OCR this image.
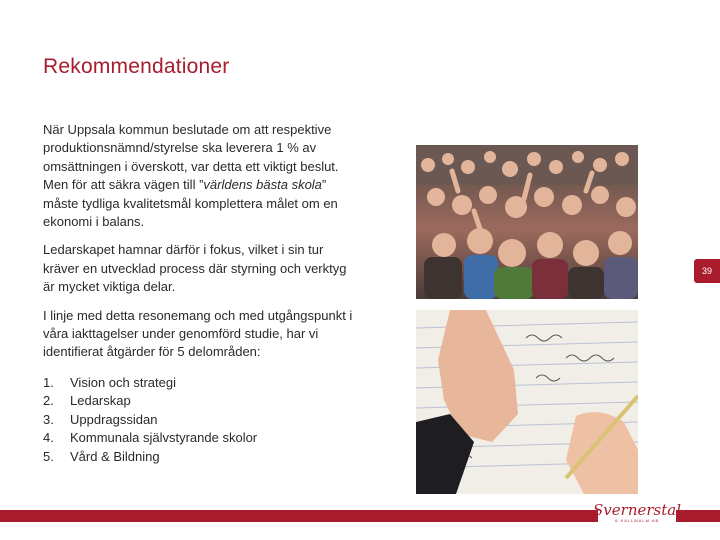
Rekommendationer

När Uppsala kommun beslutade om att respektive produktionsnämnd/styrelse ska leverera 1 % av omsättningen i överskott, var detta ett viktigt beslut. Men för att säkra vägen till ”världens bästa skola” måste tydliga kvalitetsmål komplettera målet om en ekonomi i balans.

Ledarskapet hamnar därför i fokus, vilket i sin tur kräver en utvecklad process där styrning och verktyg är mycket viktiga delar.

I linje med detta resonemang och med utgångspunkt i våra iakttagelser under genomförd studie, har vi identifierat åtgärder för 5 delområden:

1.	Vision och strategi
2.	Ledarskap
3.	Uppdragssidan
4.	Kommunala självstyrande skolor
5.	Vård & Bildning
39
Svernerstal
& KALLMALM AB
